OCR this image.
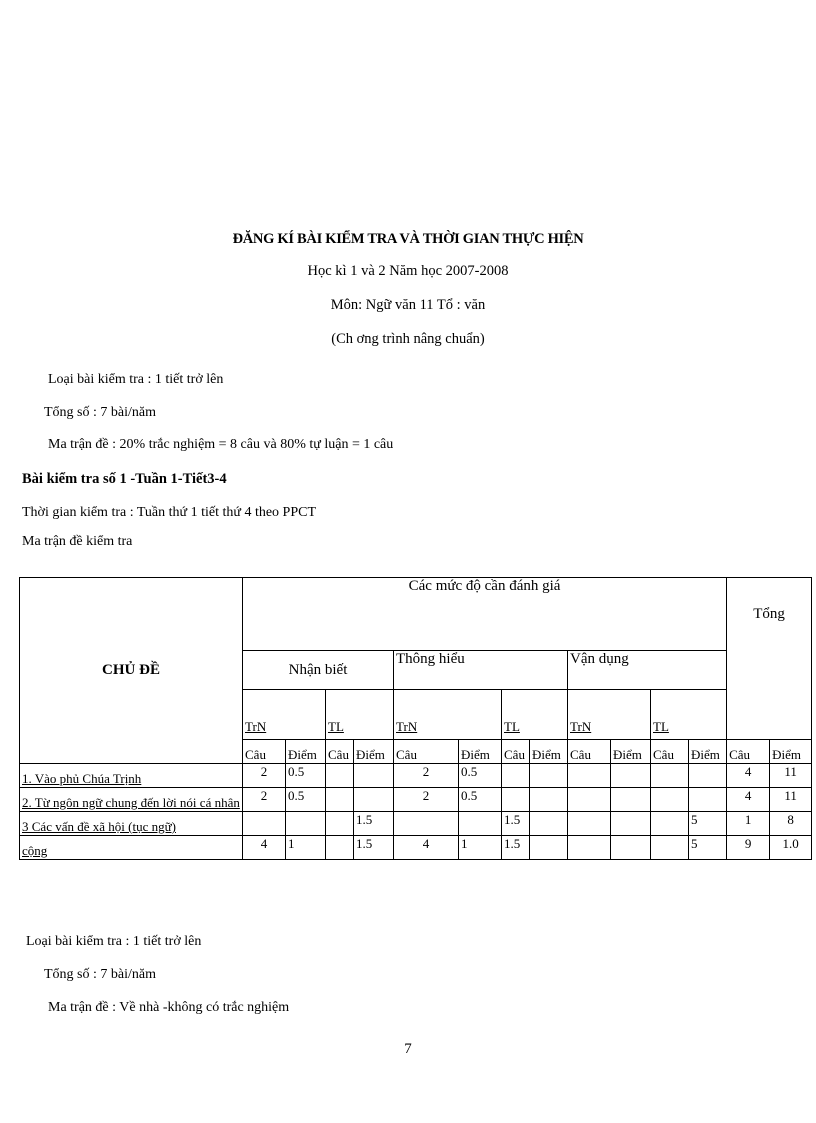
ĐĂNG KÍ BÀI KIỂM TRA VÀ THỜI GIAN THỰC HIỆN
Học kì 1 và 2 Năm học 2007-2008
Môn: Ngữ văn 11 Tổ : văn
(Ch ơng trình nâng chuẩn)
Loại bài kiểm tra : 1 tiết trở lên
Tổng số : 7 bài/năm
Ma trận đề : 20% trắc nghiệm = 8 câu và 80% tự luận = 1 câu
Bài kiểm tra số 1 -Tuần 1-Tiết3-4
Thời gian kiểm tra : Tuần thứ 1 tiết thứ 4 theo PPCT
Ma trận đề kiểm tra
CHỦ ĐỀ	Các mức độ cần đánh giá												Tổng	

	Nhận biết				Thông hiểu				Vận dụng					
	TrN		TL		TrN		TL		TrN		TL			
	Câu	Điểm	Câu	Điểm	Câu	Điểm	Câu	Điểm	Câu	Điểm	Câu	Điểm	Câu	Điểm
1. Vào phủ Chúa Trịnh	2	0.5			2	0.5							4	11
2. Từ ngôn ngữ chung đến lời nói cá nhân	2	0.5			2	0.5							4	11
3 Các vấn đề xã hội (tục ngữ)				1.5			1.5					5	1	8
cộng	4	1		1.5	4	1	1.5					5	9	1.0
Loại bài kiểm tra : 1 tiết trở lên
Tổng số : 7 bài/năm
Ma trận đề : Về nhà -không có trắc nghiệm
7
